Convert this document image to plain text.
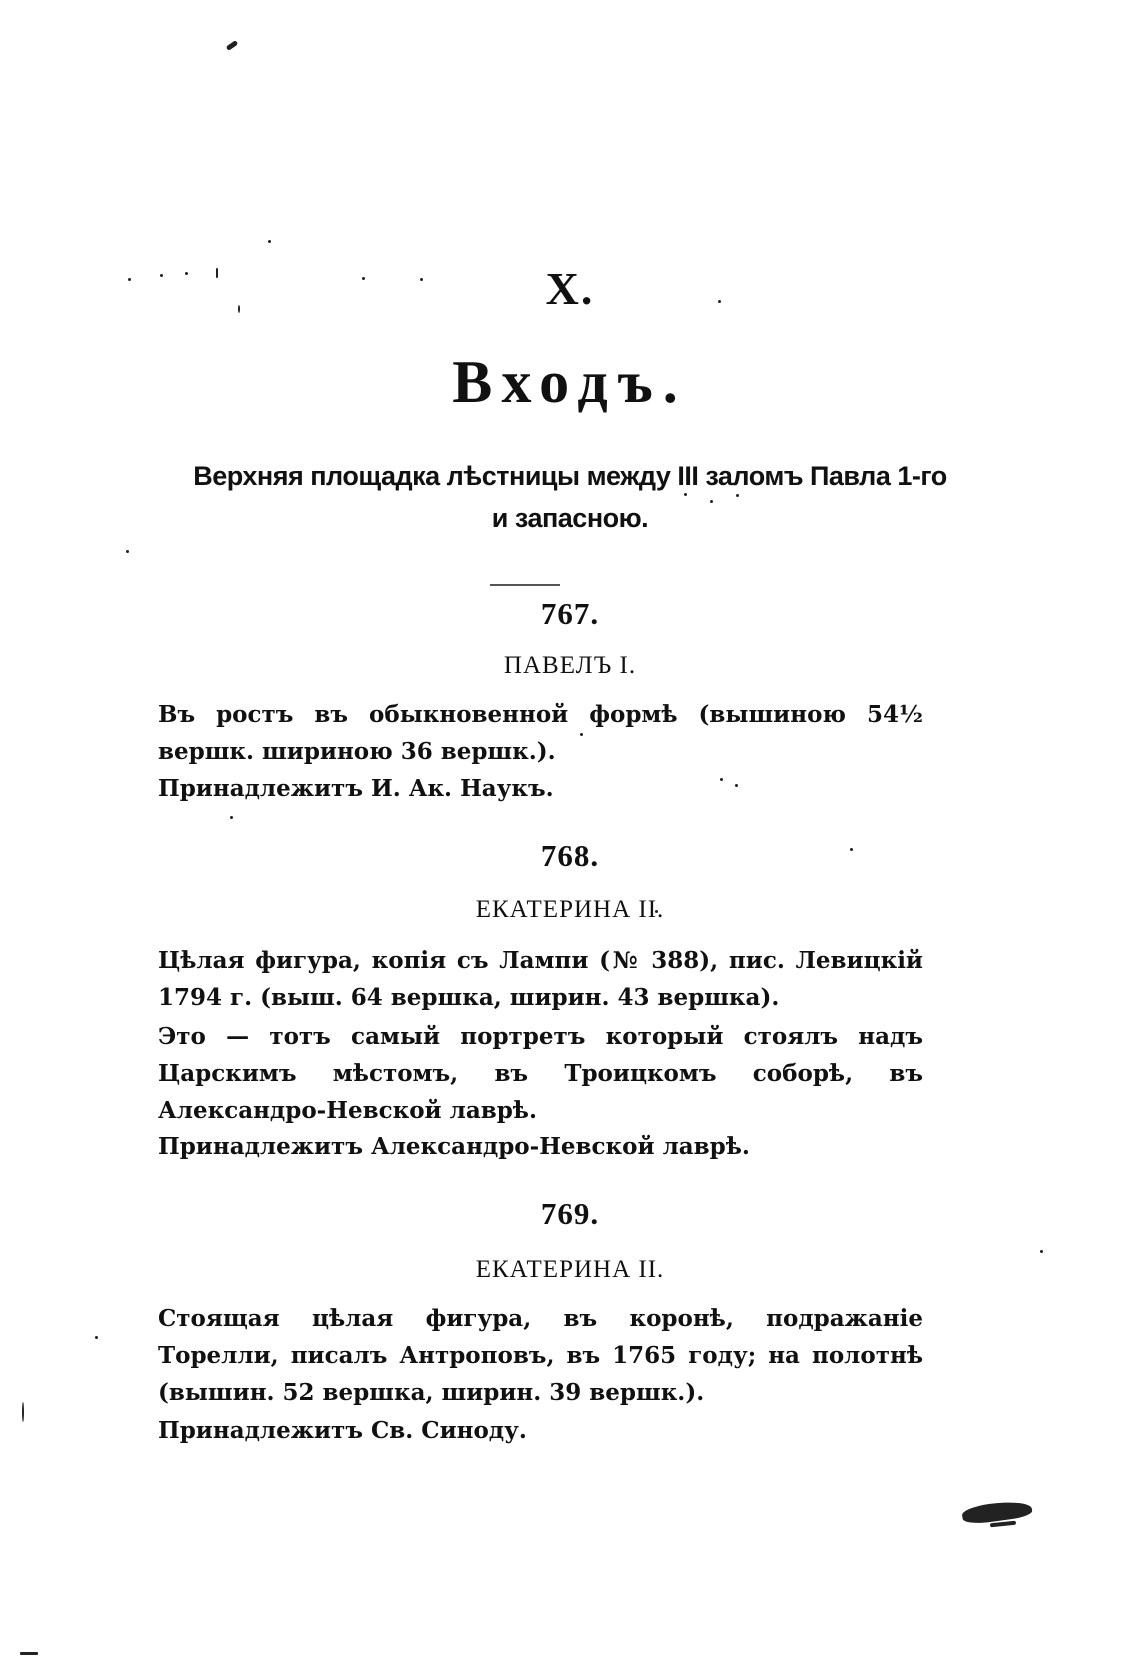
X.
Входъ.
Верхняя площадка лѣстницы между III заломъ Павла 1-го
и запасною.
767.
ПАВЕЛЪ I.
Въ ростъ въ обыкновенной формѣ (вышиною 54½ вершк. шириною 36 вершк.).
Принадлежитъ И. Ак. Наукъ.
768.
ЕКАТЕРИНА II.
Цѣлая фигура, копія съ Лампи (№ 388), пис. Левицкій 1794 г. (выш. 64 вершка, ширин. 43 вершка).
Это — тотъ самый портретъ который стоялъ надъ Царскимъ мѣстомъ, въ Троицкомъ соборѣ, въ Александро-Невской лаврѣ.
Принадлежитъ Александро-Невской лаврѣ.
769.
ЕКАТЕРИНА II.
Стоящая цѣлая фигура, въ коронѣ, подражаніе Торелли, писалъ Антроповъ, въ 1765 году; на полотнѣ (вышин. 52 вершка, ширин. 39 вершк.).
Принадлежитъ Св. Синоду.
